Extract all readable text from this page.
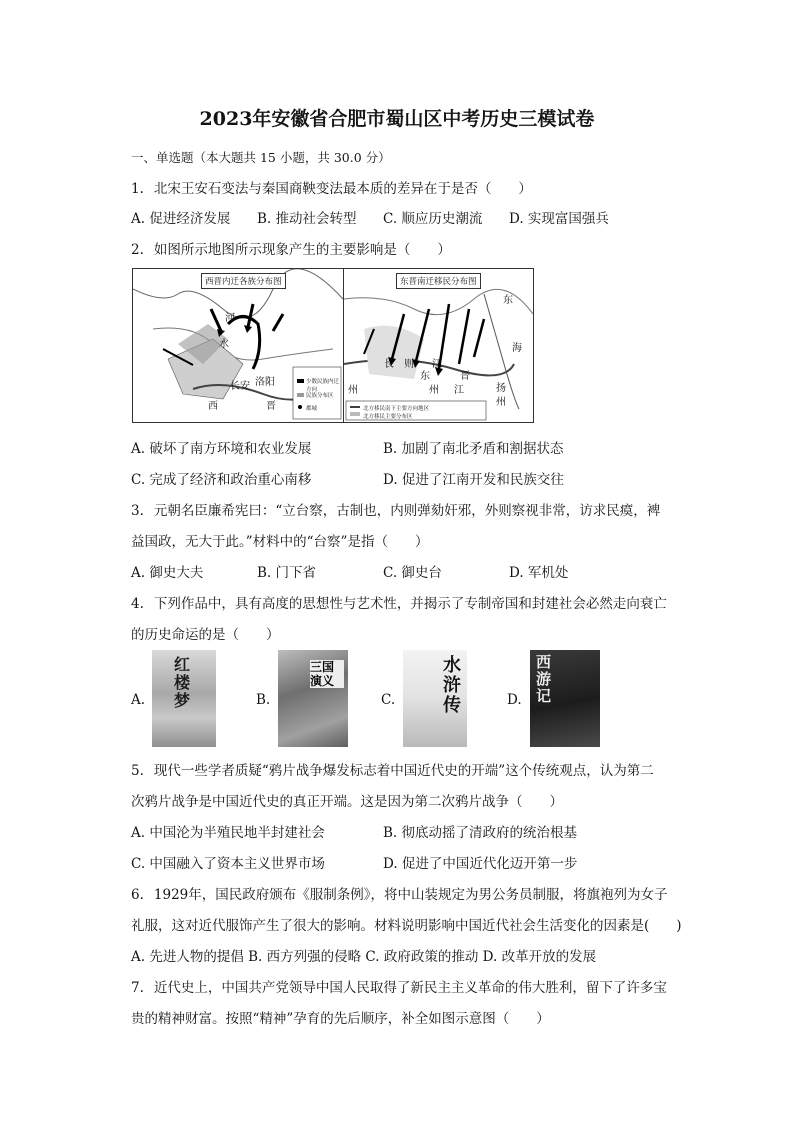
2023年安徽省合肥市蜀山区中考历史三模试卷
一、单选题（本大题共 15 小题，共 30.0 分）
1. 北宋王安石变法与秦国商鞅变法最本质的差异在于是否（　　）
A. 促进经济发展 B. 推动社会转型 C. 顺应历史潮流 D. 实现富国强兵
2. 如图所示地图所示现象产生的主要影响是（　　）
西晋内迁各族分布图
河
水
长安 洛阳
西	晋
少数民族内迁方向
民族分布区
都城
东晋南迁移民分布图
东
海
东	晋
长 则 江
江
州	扬
州
州
北方移民南下主要方向地区
北方移民主要分布区
A. 破坏了南方环境和农业发展	B. 加剧了南北矛盾和割据状态
C. 完成了经济和政治重心南移	D. 促进了江南开发和民族交往
3. 元朝名臣廉希宪曰：“立台察，古制也，内则弹劾奸邪，外则察视非常，访求民瘼，裨
益国政，无大于此。”材料中的“台察”是指（　　）
A. 御史大夫	B. 门下省	C. 御史台	D. 军机处
4. 下列作品中，具有高度的思想性与艺术性，并揭示了专制帝国和封建社会必然走向衰亡
的历史命运的是（　　）
A.
红楼梦	B.
三国演义
C.
水浒传	D.
西游记
5. 现代一些学者质疑“鸦片战争爆发标志着中国近代史的开端”这个传统观点，认为第二
次鸦片战争是中国近代史的真正开端。这是因为第二次鸦片战争（　　）
A. 中国沦为半殖民地半封建社会	B. 彻底动摇了清政府的统治根基
C. 中国融入了资本主义世界市场	D. 促进了中国近代化迈开第一步
6. 1929年，国民政府颁布《服制条例》，将中山装规定为男公务员制服，将旗袍列为女子
礼服，这对近代服饰产生了很大的影响。材料说明影响中国近代社会生活变化的因素是(　　)
A. 先进人物的提倡 B. 西方列强的侵略 C. 政府政策的推动 D. 改革开放的发展
7. 近代史上，中国共产党领导中国人民取得了新民主主义革命的伟大胜利，留下了许多宝
贵的精神财富。按照“精神”孕育的先后顺序，补全如图示意图（　　）
